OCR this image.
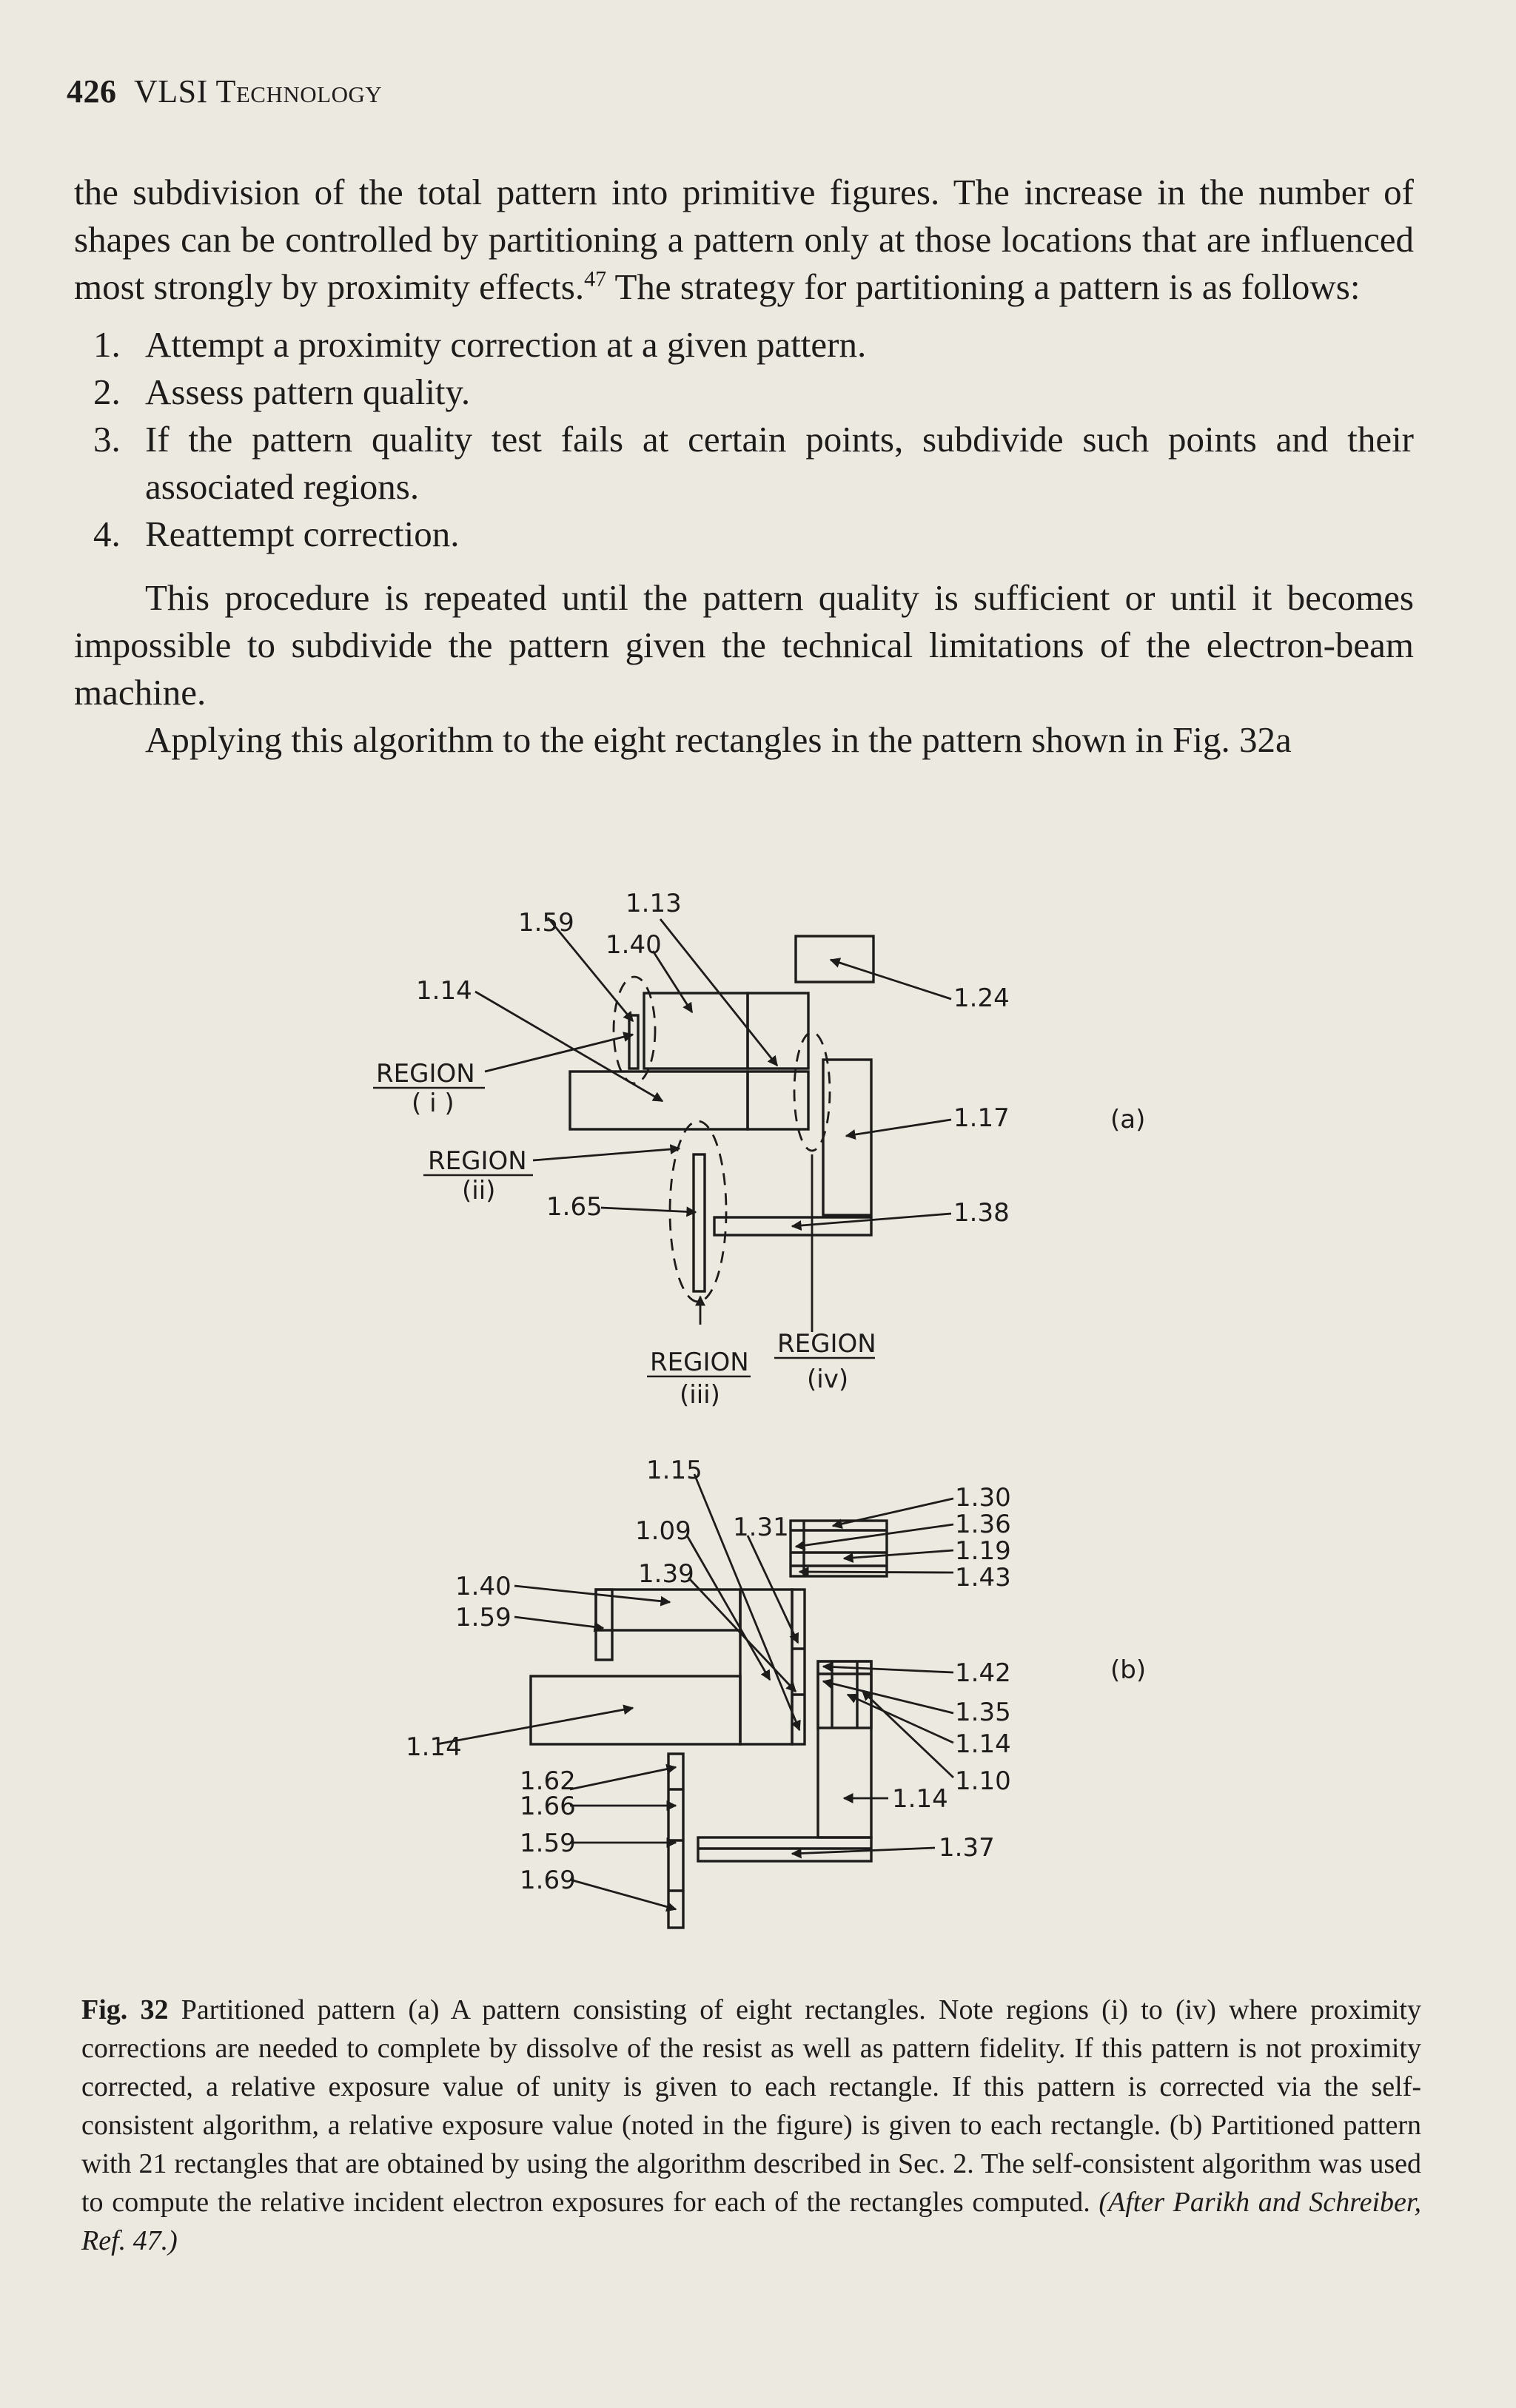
426 VLSI Technology

the subdivision of the total pattern into primitive figures. The increase in the number of shapes can be controlled by partitioning a pattern only at those locations that are influenced most strongly by proximity effects.$^{47}$ The strategy for partitioning a pattern is as follows:

1. Attempt a proximity correction at a given pattern.
2. Assess pattern quality.
3. If the pattern quality test fails at certain points, subdivide such points and their associated regions.
4. Reattempt correction.

This procedure is repeated until the pattern quality is sufficient or until it becomes impossible to subdivide the pattern given the technical limitations of the electron-beam machine.

Applying this algorithm to the eight rectangles in the pattern shown in Fig. 32a

1.13
1.59
1.40
1.14	1.24
1.17
1.65	1.38
REGION
( i )
REGION
(ii)
REGION
(iii)
REGION
(iv)
(a)
1.15
1.09 1.31
1.39
1.40
1.59
1.30
1.36
1.19
1.43
1.42
1.35
1.14
1.10
1.14
1.37
1.14
1.62
1.66
1.59
1.69
(b)
Fig. 32 Partitioned pattern (a) A pattern consisting of eight rectangles. Note regions (i) to (iv) where proximity corrections are needed to complete by dissolve of the resist as well as pattern fidelity. If this pattern is not proximity corrected, a relative exposure value of unity is given to each rectangle. If this pattern is corrected via the self-consistent algorithm, a relative exposure value (noted in the figure) is given to each rectangle. (b) Partitioned pattern with 21 rectangles that are obtained by using the algorithm described in Sec. 2. The self-consistent algorithm was used to compute the relative incident electron exposures for each of the rectangles computed. (After Parikh and Schreiber, Ref. 47.)
